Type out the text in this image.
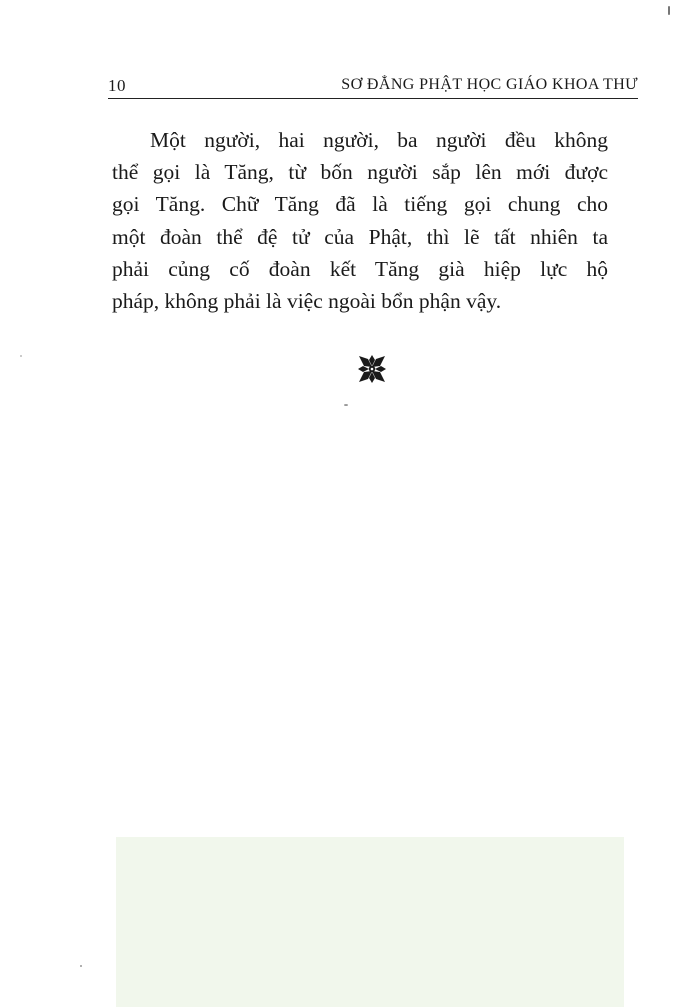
10	SƠ ĐẲNG PHẬT HỌC GIÁO KHOA THƯ

Một người, hai người, ba người đều không
thể gọi là Tăng, từ bốn người sắp lên mới được
gọi Tăng. Chữ Tăng đã là tiếng gọi chung cho
một đoàn thể đệ tử của Phật, thì lẽ tất nhiên ta
phải củng cố đoàn kết Tăng già hiệp lực hộ
pháp, không phải là việc ngoài bổn phận vậy.
